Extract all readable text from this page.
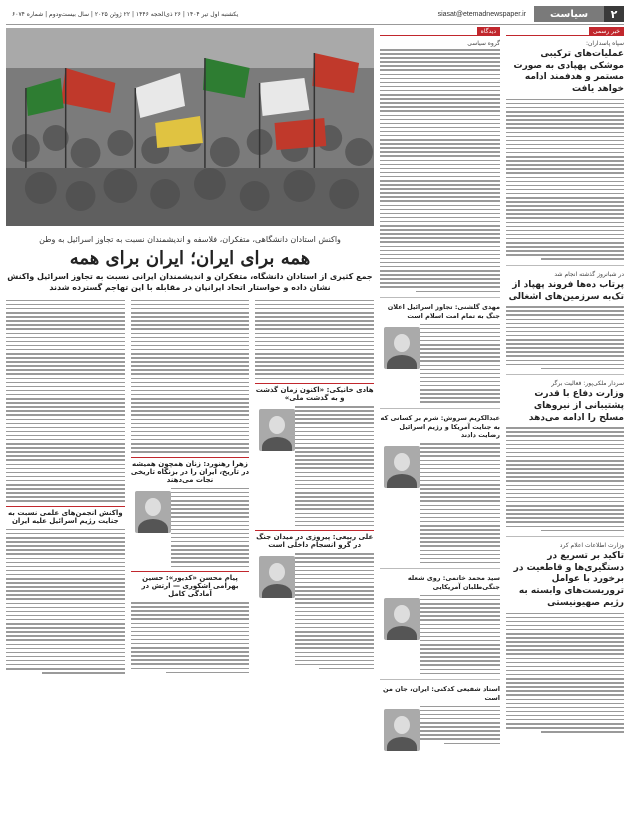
۲
سیاست
siasat@etemadnewspaper.ir
یکشنبه اول تیر ۱۴۰۴ | ۲۶ ذی‌الحجه ۱۴۴۶ | ۲۲ ژوئن ۲۰۲۵ | سال بیست‌ودوم | شماره ۶۰۷۴
خبر رسمی
سپاه پاسداران:
عملیات‌های ترکیبی موشکی پهپادی به صورت مستمر و هدفمند ادامه خواهد یافت
در شبانروز گذشته انجام شد
پرتاب ده‌ها فروند پهپاد از تک‌به سرزمین‌های اشغالی
سردار ملکی‌پور: فعالیت برگر
وزارت دفاع با قدرت پشتیبانی از نیروهای مسلح را ادامه می‌دهد
وزارت اطلاعات اعلام کرد
تاکید بر تسریع در دستگیری‌ها و قاطعیت در برخورد با عوامل تروریست‌های وابسته به رژیم صهیونیستی
دیدگاه
گروه سیاسی
مهدی گلشنی: تجاوز اسرائیل اعلان جنگ به تمام امت اسلام است
عبدالکریم سروش: شرم بر کسانی که به جنایت آمریکا و رژیم اسرائیل رضایت دادند
سید محمد خاتمی: روی شعله جنگی‌طلبان آمریکایی
استاد شفیعی کدکنی: ایران، جان من است
واکنش استادان دانشگاهی، متفکران، فلاسفه و اندیشمندان نسبت به تجاوز اسرائیل به وطن
همه برای ایران؛ ایران برای همه
جمع کثیری از استادان دانشگاه، متفکران و اندیشمندان ایرانی نسبت به تجاوز اسرائیل واکنش نشان داده و خواستار اتحاد ایرانیان در مقابله با این تهاجم گسترده شدند
هادی خانیکی: «اکنون زمان گذشت و به گذشت ملی»
علی ربیعی: پیروزی در میدان جنگ در گرو انسجام داخلی است
زهرا رهنورد: زنان همچون همیشه در تاریخ، ایران را در بزنگاه تاریخی نجات می‌دهند
پیام محسن «کدیور»: حسین بهرامی اشکوری — ارتش در آمادگی کامل
واکنش انجمن‌های علمی نسبت به جنایت رژیم اسرائیل علیه ایران
